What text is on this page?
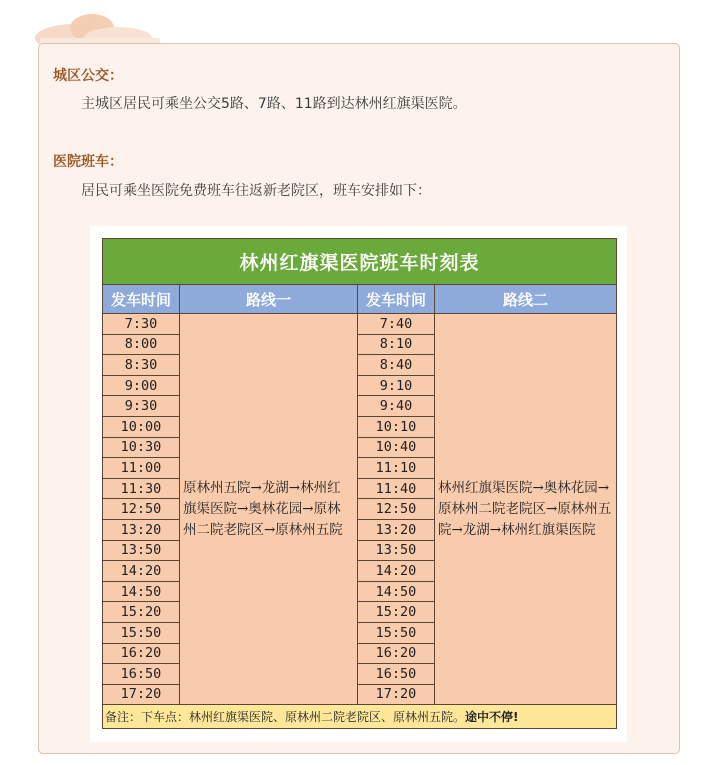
城区公交：
主城区居民可乘坐公交5路、7路、11路到达林州红旗渠医院。
医院班车：
居民可乘坐医院免费班车往返新老院区，班车安排如下：
林州红旗渠医院班车时刻表			
发车时间	路线一	发车时间	路线二
7:30	原林州五院→龙湖→林州红旗渠医院→奥林花园→原林州二院老院区→原林州五院	7:40	林州红旗渠医院→奥林花园→原林州二院老院区→原林州五院→龙湖→林州红旗渠医院
8:00		8:10	
8:30		8:40	
9:00		9:10	
9:30		9:40	
10:00		10:10	
10:30		10:40	
11:00		11:10	
11:30		11:40	
12:50		12:50	
13:20		13:20	
13:50		13:50	
14:20		14:20	
14:50		14:50	
15:20		15:20	
15:50		15:50	
16:20		16:20	
16:50		16:50	
17:20		17:20	
备注：下车点：林州红旗渠医院、原林州二院老院区、原林州五院。途中不停!			
